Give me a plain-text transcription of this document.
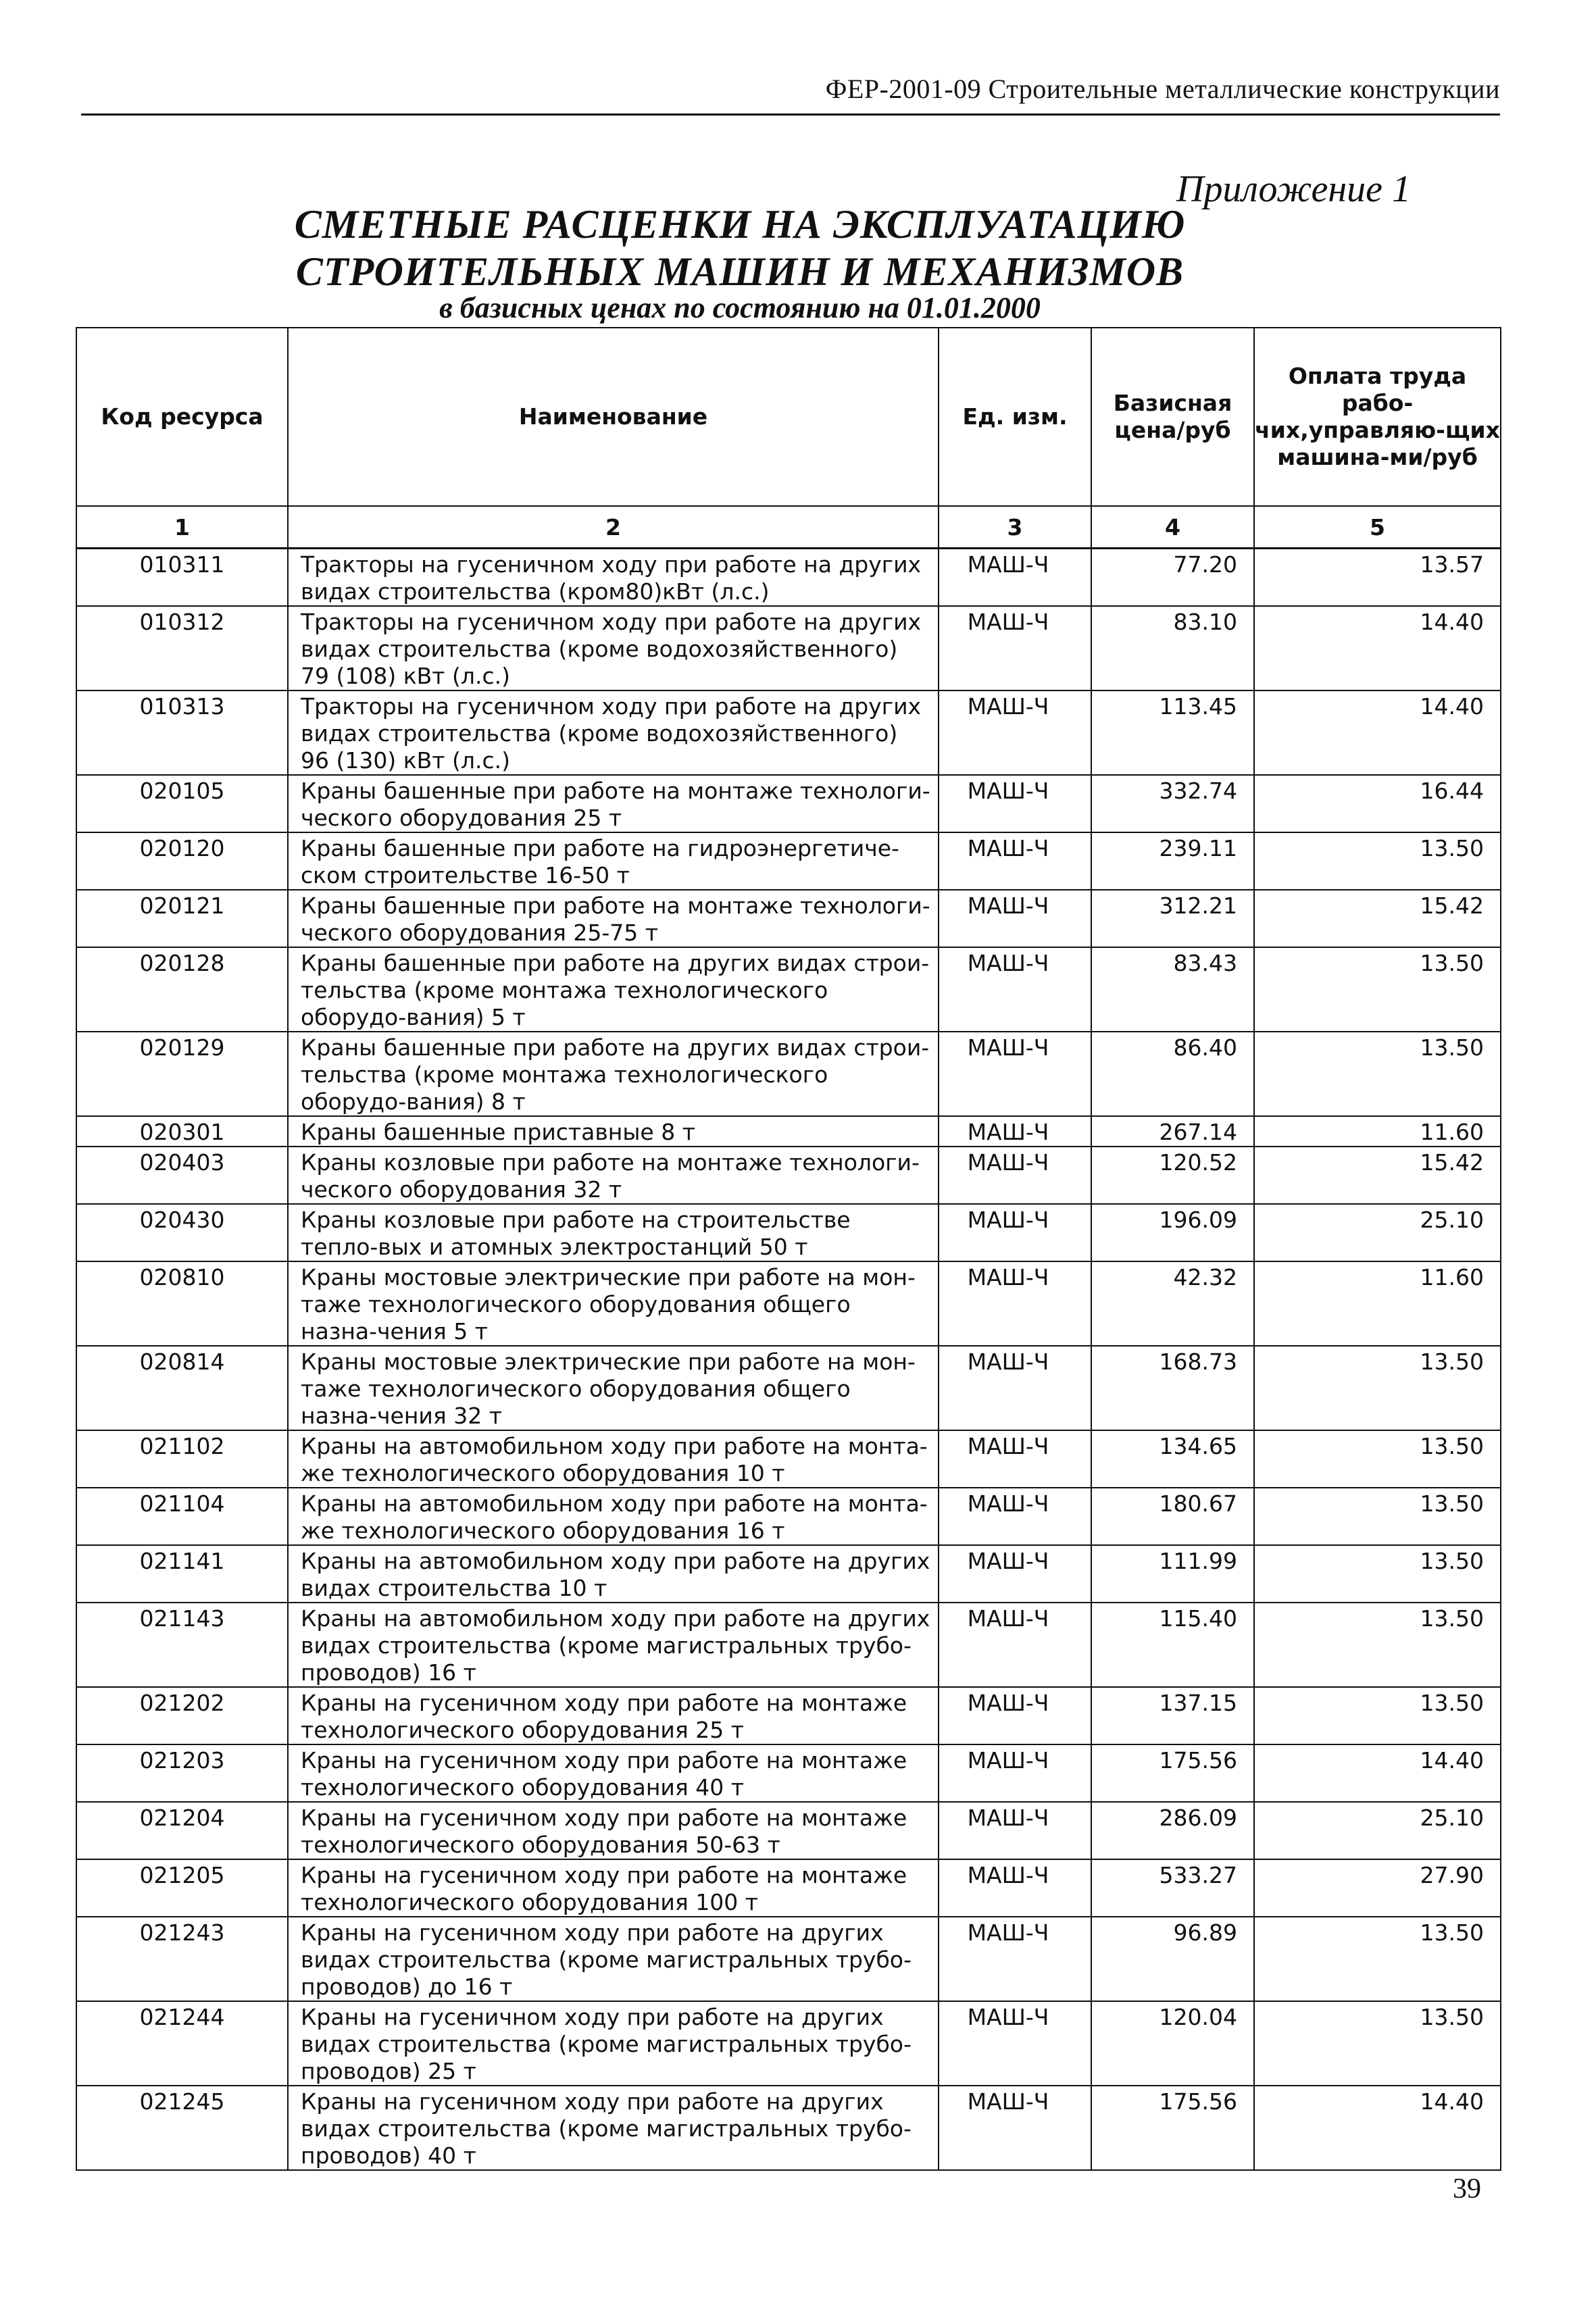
ФЕР-2001-09 Строительные металлические конструкции
Приложение 1
СМЕТНЫЕ РАСЦЕНКИ НА ЭКСПЛУАТАЦИЮ
СТРОИТЕЛЬНЫХ МАШИН И МЕХАНИЗМОВ
в базисных ценах по состоянию на 01.01.2000
Код ресурса	Наименование	Ед. изм.	Базисная цена/руб	Оплата труда рабо-чих,управляю-щих машина-ми/руб
1	2	3	4	5
010311	Тракторы на гусеничном ходу при работе на других видах строительства (кром80)кВт (л.с.)	МАШ-Ч	77.20	13.57
010312	Тракторы на гусеничном ходу при работе на других видах строительства (кроме водохозяйственного) 79 (108) кВт (л.с.)	МАШ-Ч	83.10	14.40
010313	Тракторы на гусеничном ходу при работе на других видах строительства (кроме водохозяйственного) 96 (130) кВт (л.с.)	МАШ-Ч	113.45	14.40
020105	Краны башенные при работе на монтаже технологи-ческого оборудования 25 т	МАШ-Ч	332.74	16.44
020120	Краны башенные при работе на гидроэнергетиче-ском строительстве 16-50 т	МАШ-Ч	239.11	13.50
020121	Краны башенные при работе на монтаже технологи-ческого оборудования 25-75 т	МАШ-Ч	312.21	15.42
020128	Краны башенные при работе на других видах строи-тельства (кроме монтажа технологического оборудо-вания) 5 т	МАШ-Ч	83.43	13.50
020129	Краны башенные при работе на других видах строи-тельства (кроме монтажа технологического оборудо-вания) 8 т	МАШ-Ч	86.40	13.50
020301	Краны башенные приставные 8 т	МАШ-Ч	267.14	11.60
020403	Краны козловые при работе на монтаже технологи-ческого оборудования 32 т	МАШ-Ч	120.52	15.42
020430	Краны козловые при работе на строительстве тепло-вых и атомных электростанций 50 т	МАШ-Ч	196.09	25.10
020810	Краны мостовые электрические при работе на мон-таже технологического оборудования общего назна-чения 5 т	МАШ-Ч	42.32	11.60
020814	Краны мостовые электрические при работе на мон-таже технологического оборудования общего назна-чения 32 т	МАШ-Ч	168.73	13.50
021102	Краны на автомобильном ходу при работе на монта-же технологического оборудования 10 т	МАШ-Ч	134.65	13.50
021104	Краны на автомобильном ходу при работе на монта-же технологического оборудования 16 т	МАШ-Ч	180.67	13.50
021141	Краны на автомобильном ходу при работе на других видах строительства 10 т	МАШ-Ч	111.99	13.50
021143	Краны на автомобильном ходу при работе на других видах строительства (кроме магистральных трубо-проводов) 16 т	МАШ-Ч	115.40	13.50
021202	Краны на гусеничном ходу при работе на монтаже технологического оборудования 25 т	МАШ-Ч	137.15	13.50
021203	Краны на гусеничном ходу при работе на монтаже технологического оборудования 40 т	МАШ-Ч	175.56	14.40
021204	Краны на гусеничном ходу при работе на монтаже технологического оборудования 50-63 т	МАШ-Ч	286.09	25.10
021205	Краны на гусеничном ходу при работе на монтаже технологического оборудования 100 т	МАШ-Ч	533.27	27.90
021243	Краны на гусеничном ходу при работе на других видах строительства (кроме магистральных трубо-проводов) до 16 т	МАШ-Ч	96.89	13.50
021244	Краны на гусеничном ходу при работе на других видах строительства (кроме магистральных трубо-проводов) 25 т	МАШ-Ч	120.04	13.50
021245	Краны на гусеничном ходу при работе на других видах строительства (кроме магистральных трубо-проводов) 40 т	МАШ-Ч	175.56	14.40
39
